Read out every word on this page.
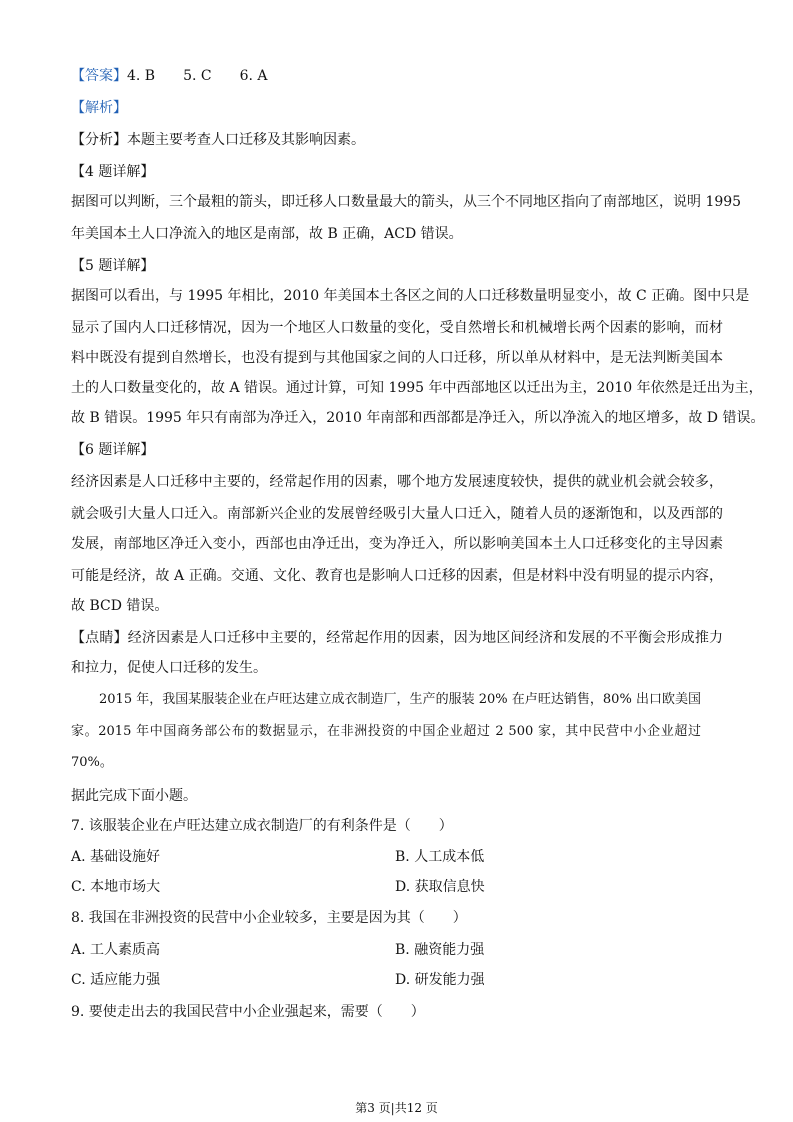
【答案】4. B　　5. C　　6. A
【解析】
【分析】本题主要考查人口迁移及其影响因素。
【4 题详解】
据图可以判断，三个最粗的箭头，即迁移人口数量最大的箭头，从三个不同地区指向了南部地区，说明 1995
年美国本土人口净流入的地区是南部，故 B 正确，ACD 错误。
【5 题详解】
据图可以看出，与 1995 年相比，2010 年美国本土各区之间的人口迁移数量明显变小，故 C 正确。图中只是
显示了国内人口迁移情况，因为一个地区人口数量的变化，受自然增长和机械增长两个因素的影响，而材
料中既没有提到自然增长，也没有提到与其他国家之间的人口迁移，所以单从材料中，是无法判断美国本
土的人口数量变化的，故 A 错误。通过计算，可知 1995 年中西部地区以迁出为主，2010 年依然是迁出为主，
故 B 错误。1995 年只有南部为净迁入，2010 年南部和西部都是净迁入，所以净流入的地区增多，故 D 错误。
【6 题详解】
经济因素是人口迁移中主要的，经常起作用的因素，哪个地方发展速度较快，提供的就业机会就会较多，
就会吸引大量人口迁入。南部新兴企业的发展曾经吸引大量人口迁入，随着人员的逐渐饱和，以及西部的
发展，南部地区净迁入变小，西部也由净迁出，变为净迁入，所以影响美国本土人口迁移变化的主导因素
可能是经济，故 A 正确。交通、文化、教育也是影响人口迁移的因素，但是材料中没有明显的提示内容，
故 BCD 错误。
【点睛】经济因素是人口迁移中主要的，经常起作用的因素，因为地区间经济和发展的不平衡会形成推力
和拉力，促使人口迁移的发生。
2015 年，我国某服装企业在卢旺达建立成衣制造厂，生产的服装 20% 在卢旺达销售，80% 出口欧美国
家。2015 年中国商务部公布的数据显示，在非洲投资的中国企业超过 2 500 家，其中民营中小企业超过
70%。
据此完成下面小题。
7. 该服装企业在卢旺达建立成衣制造厂的有利条件是（　　）
A. 基础设施好	B. 人工成本低
C. 本地市场大	D. 获取信息快
8. 我国在非洲投资的民营中小企业较多，主要是因为其（　　）
A. 工人素质高	B. 融资能力强
C. 适应能力强	D. 研发能力强
9. 要使走出去的我国民营中小企业强起来，需要（　　）
第3 页|共12 页
